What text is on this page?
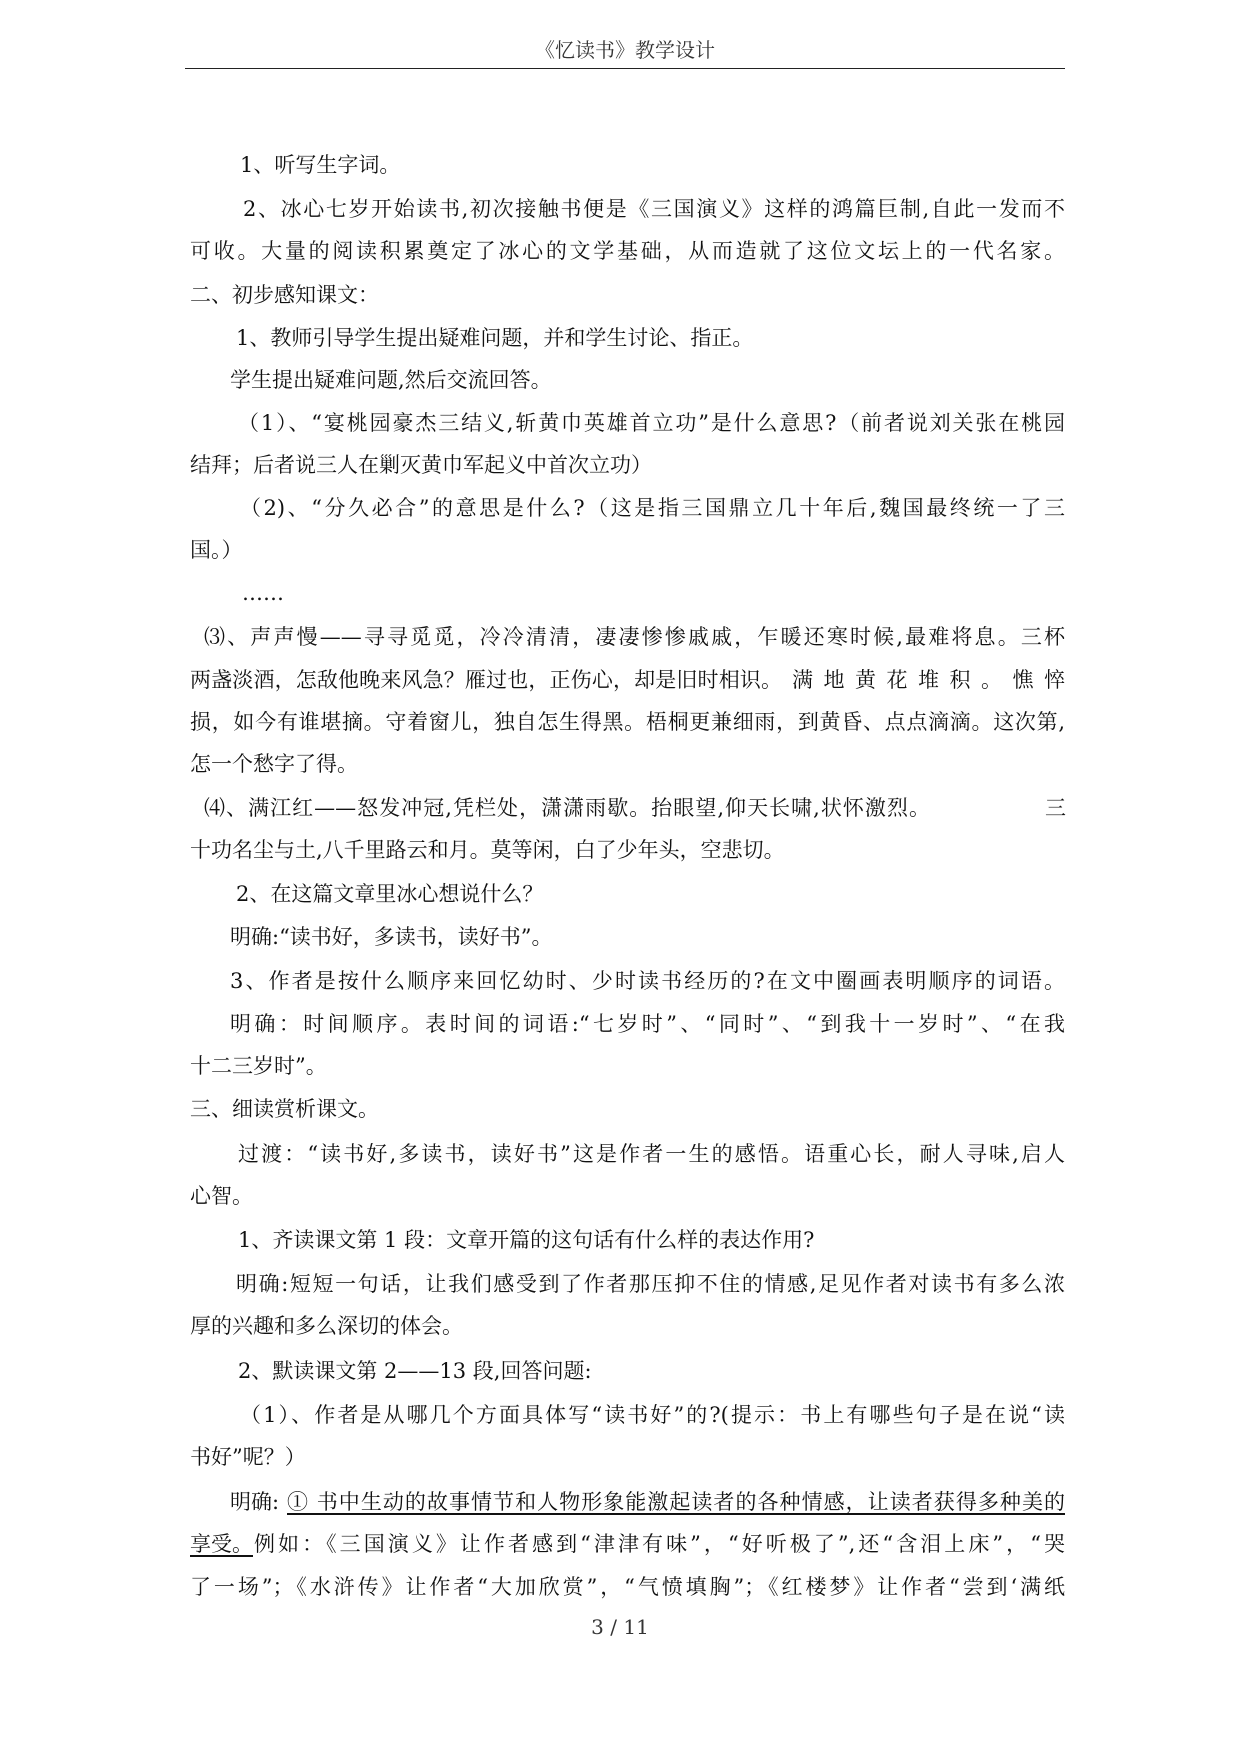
《忆读书》教学设计
1、听写生字词。
2、冰心七岁开始读书,初次接触书便是《三国演义》这样的鸿篇巨制,自此一发而不
可收。大量的阅读积累奠定了冰心的文学基础，从而造就了这位文坛上的一代名家。
二、初步感知课文：
1、教师引导学生提出疑难问题，并和学生讨论、指正。
学生提出疑难问题,然后交流回答。
（1）、“宴桃园豪杰三结义,斩黄巾英雄首立功”是什么意思?（前者说刘关张在桃园
结拜；后者说三人在剿灭黄巾军起义中首次立功）
（2)、“分久必合”的意思是什么?（这是指三国鼎立几十年后,魏国最终统一了三
国。）
……
⑶、声声慢——寻寻觅觅，冷冷清清，凄凄惨惨戚戚，乍暖还寒时候,最难将息。三杯
两盏淡酒，怎敌他晚来风急？雁过也，正伤心，却是旧时相识。 满地黄花堆积。憔悴
损，如今有谁堪摘。守着窗儿，独自怎生得黑。梧桐更兼细雨，到黄昏、点点滴滴。这次第,
怎一个愁字了得。
⑷、满江红——怒发冲冠,凭栏处，潇潇雨歇。抬眼望,仰天长啸,状怀激烈。	三
十功名尘与土,八千里路云和月。莫等闲，白了少年头，空悲切。
2、在这篇文章里冰心想说什么？
明确:“读书好，多读书，读好书”。
3、作者是按什么顺序来回忆幼时、少时读书经历的?在文中圈画表明顺序的词语。
明确：时间顺序。表时间的词语:“七岁时”、“同时”、“到我十一岁时”、“在我
十二三岁时”。
三、细读赏析课文。
过渡：“读书好,多读书，读好书”这是作者一生的感悟。语重心长，耐人寻味,启人
心智。
1、齐读课文第 1 段：文章开篇的这句话有什么样的表达作用?
明确:短短一句话，让我们感受到了作者那压抑不住的情感,足见作者对读书有多么浓
厚的兴趣和多么深切的体会。
2、默读课文第 2——13 段,回答问题:
（1）、作者是从哪几个方面具体写“读书好”的?(提示：书上有哪些句子是在说“读
书好”呢？）
明确: ① 书中生动的故事情节和人物形象能激起读者的各种情感，让读者获得多种美的
享受。 例如：《三国演义》让作者感到“津津有味”，“好听极了”,还“含泪上床”，“哭
了一场”；《水浒传》让作者“大加欣赏”，“气愤填胸”；《红楼梦》让作者“尝到‘满纸
3 / 11
